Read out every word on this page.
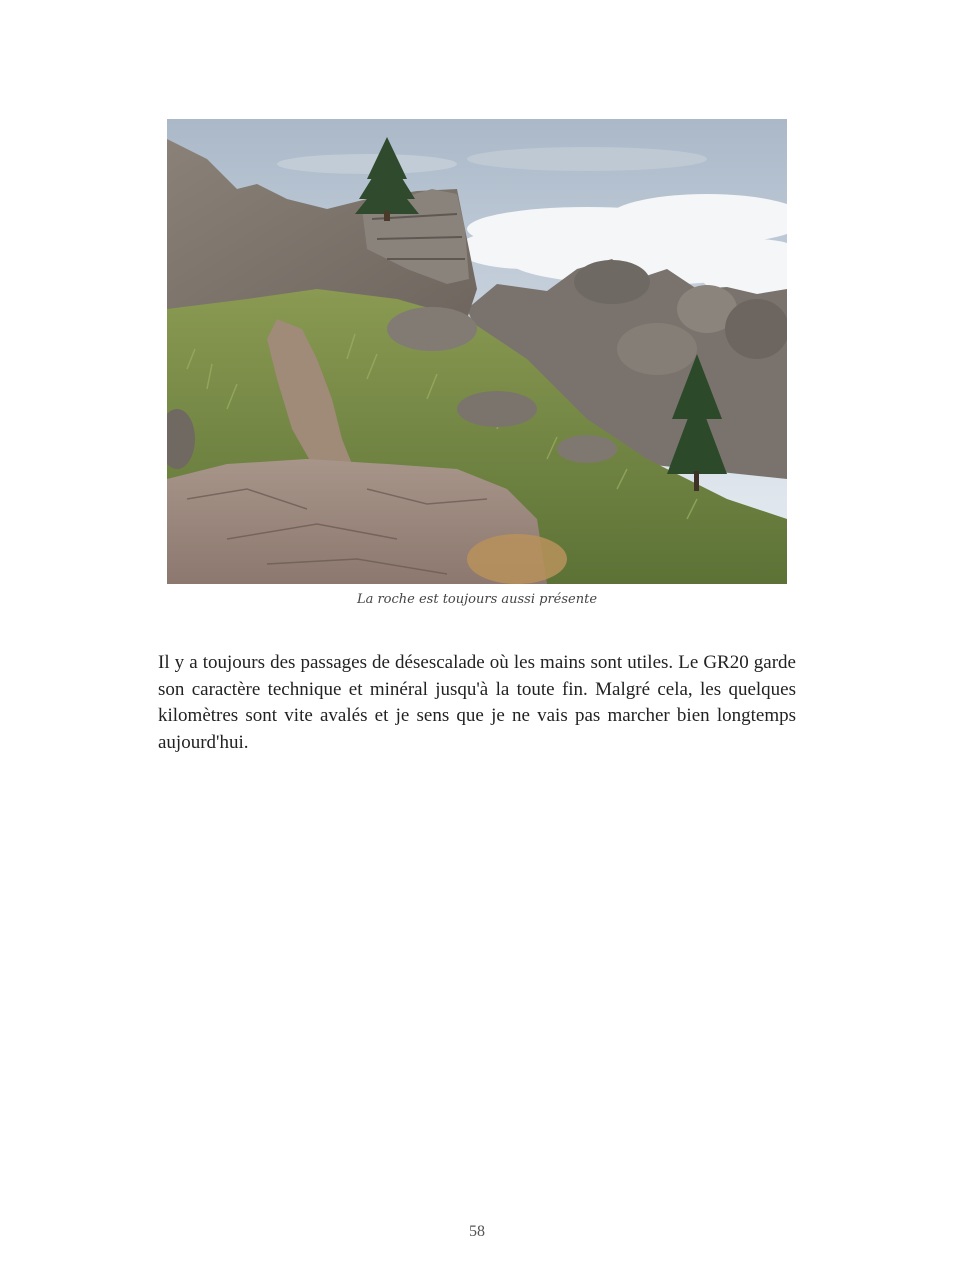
La roche est toujours aussi présente

Il y a toujours des passages de désescalade où les mains sont utiles. Le GR20 garde son caractère technique et minéral jusqu'à la toute fin. Malgré cela, les quelques kilomètres sont vite avalés et je sens que je ne vais pas marcher bien longtemps aujourd'hui.

58
